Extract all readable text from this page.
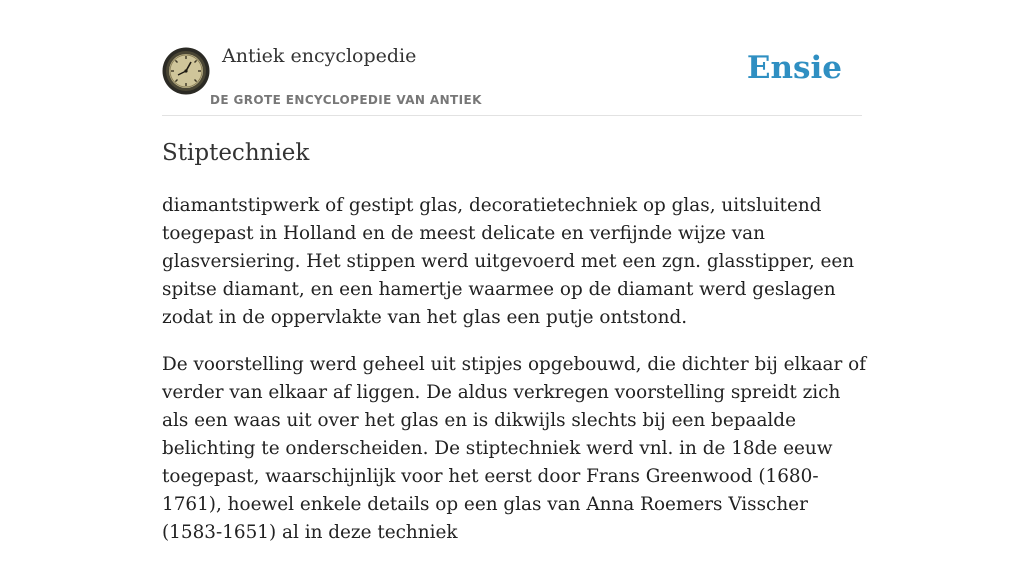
Antiek encyclopedie
DE GROTE ENCYCLOPEDIE VAN ANTIEK
Ensie
Stiptechniek

diamantstipwerk of gestipt glas, decoratietechniek op glas, uitsluitend toegepast in Holland en de meest delicate en verfijnde wijze van glasversiering. Het stippen werd uitgevoerd met een zgn. glasstipper, een spitse diamant, en een hamertje waarmee op de diamant werd geslagen zodat in de oppervlakte van het glas een putje ontstond.

De voorstelling werd geheel uit stipjes opgebouwd, die dichter bij elkaar of verder van elkaar af liggen. De aldus verkregen voorstelling spreidt zich als een waas uit over het glas en is dikwijls slechts bij een bepaalde belichting te onderscheiden. De stiptechniek werd vnl. in de 18de eeuw toegepast, waarschijnlijk voor het eerst door Frans Greenwood (1680-1761), hoewel enkele details op een glas van Anna Roemers Visscher (1583-1651) al in deze techniek
